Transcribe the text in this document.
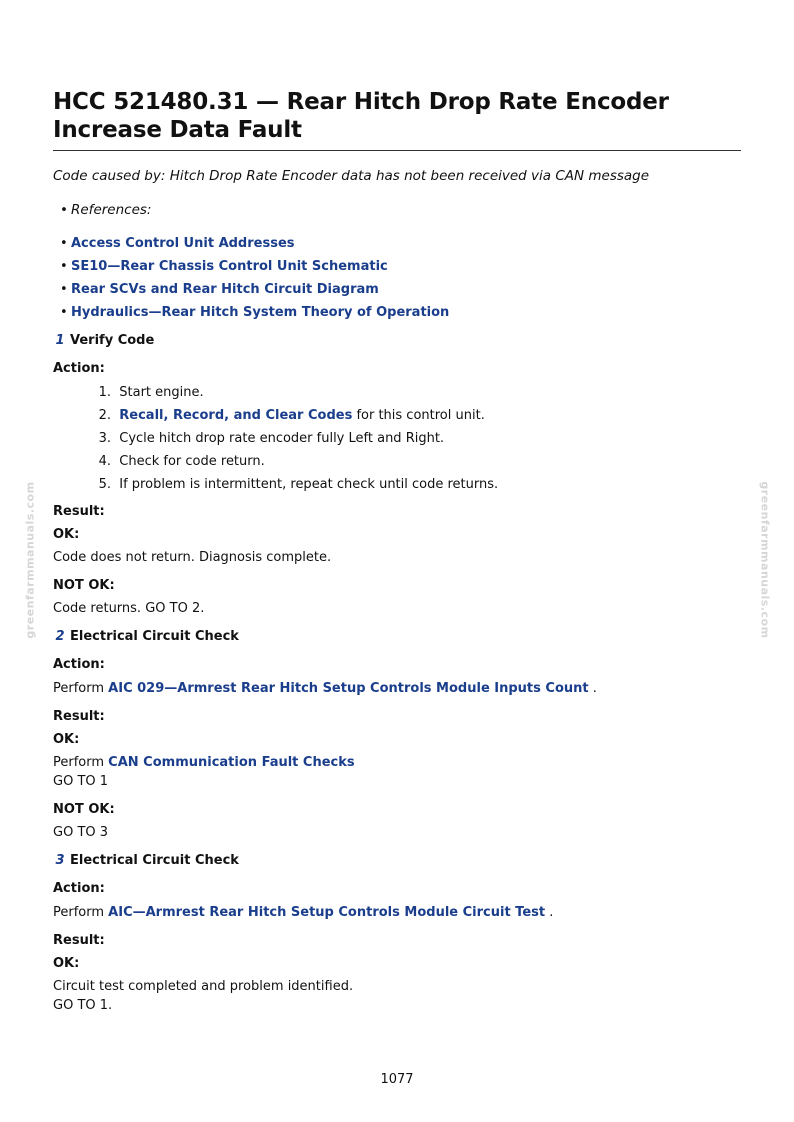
HCC 521480.31 — Rear Hitch Drop Rate Encoder Increase Data Fault

Code caused by: Hitch Drop Rate Encoder data has not been received via CAN message

• References:

• Access Control Unit Addresses

• SE10—Rear Chassis Control Unit Schematic

• Rear SCVs and Rear Hitch Circuit Diagram

• Hydraulics—Rear Hitch System Theory of Operation

1 Verify Code

Action:

1. Start engine.
2. Recall, Record, and Clear Codes for this control unit.
3. Cycle hitch drop rate encoder fully Left and Right.
4. Check for code return.
5. If problem is intermittent, repeat check until code returns.

Result:

OK:

Code does not return. Diagnosis complete.

NOT OK:

Code returns. GO TO 2.

2 Electrical Circuit Check

Action:

Perform AIC 029—Armrest Rear Hitch Setup Controls Module Inputs Count .

Result:

OK:

Perform CAN Communication Fault Checks

GO TO 1

NOT OK:

GO TO 3

3 Electrical Circuit Check

Action:

Perform AIC—Armrest Rear Hitch Setup Controls Module Circuit Test .

Result:

OK:

Circuit test completed and problem identified.

GO TO 1.

greenfarmmanuals.com	greenfarmmanuals.com
1077
